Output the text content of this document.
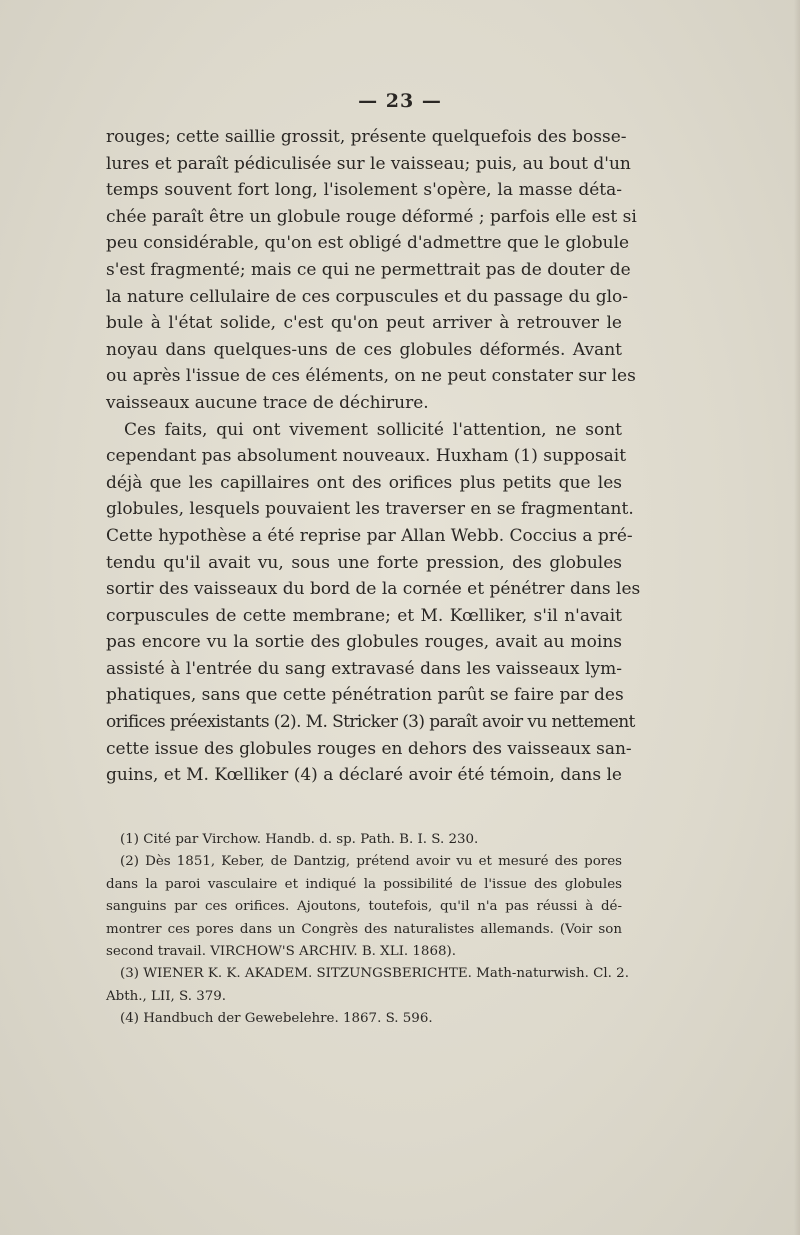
— 23 —
rouges; cette saillie grossit, présente quelquefois des bosse-
lures et paraît pédiculisée sur le vaisseau; puis, au bout d'un
temps souvent fort long, l'isolement s'opère, la masse déta-
chée paraît être un globule rouge déformé ; parfois elle est si
peu considérable, qu'on est obligé d'admettre que le globule
s'est fragmenté; mais ce qui ne permettrait pas de douter de
la nature cellulaire de ces corpuscules et du passage du glo-
bule à l'état solide, c'est qu'on peut arriver à retrouver le
noyau dans quelques-uns de ces globules déformés. Avant
ou après l'issue de ces éléments, on ne peut constater sur les
vaisseaux aucune trace de déchirure.
Ces faits, qui ont vivement sollicité l'attention, ne sont
cependant pas absolument nouveaux. Huxham (1) supposait
déjà que les capillaires ont des orifices plus petits que les
globules, lesquels pouvaient les traverser en se fragmentant.
Cette hypothèse a été reprise par Allan Webb. Coccius a pré-
tendu qu'il avait vu, sous une forte pression, des globules
sortir des vaisseaux du bord de la cornée et pénétrer dans les
corpuscules de cette membrane; et M. Kœlliker, s'il n'avait
pas encore vu la sortie des globules rouges, avait au moins
assisté à l'entrée du sang extravasé dans les vaisseaux lym-
phatiques, sans que cette pénétration parût se faire par des
orifices préexistants (2). M. Stricker (3) paraît avoir vu nettement
cette issue des globules rouges en dehors des vaisseaux san-
guins, et M. Kœlliker (4) a déclaré avoir été témoin, dans le
(1) Cité par Virchow. Handb. d. sp. Path. B. I. S. 230.
(2) Dès 1851, Keber, de Dantzig, prétend avoir vu et mesuré des pores
dans la paroi vasculaire et indiqué la possibilité de l'issue des globules
sanguins par ces orifices. Ajoutons, toutefois, qu'il n'a pas réussi à dé-
montrer ces pores dans un Congrès des naturalistes allemands. (Voir son
second travail. VIRCHOW'S ARCHIV. B. XLI. 1868).
(3) WIENER K. K. AKADEM. SITZUNGSBERICHTE. Math-naturwish. Cl. 2.
Abth., LII, S. 379.
(4) Handbuch der Gewebelehre. 1867. S. 596.
